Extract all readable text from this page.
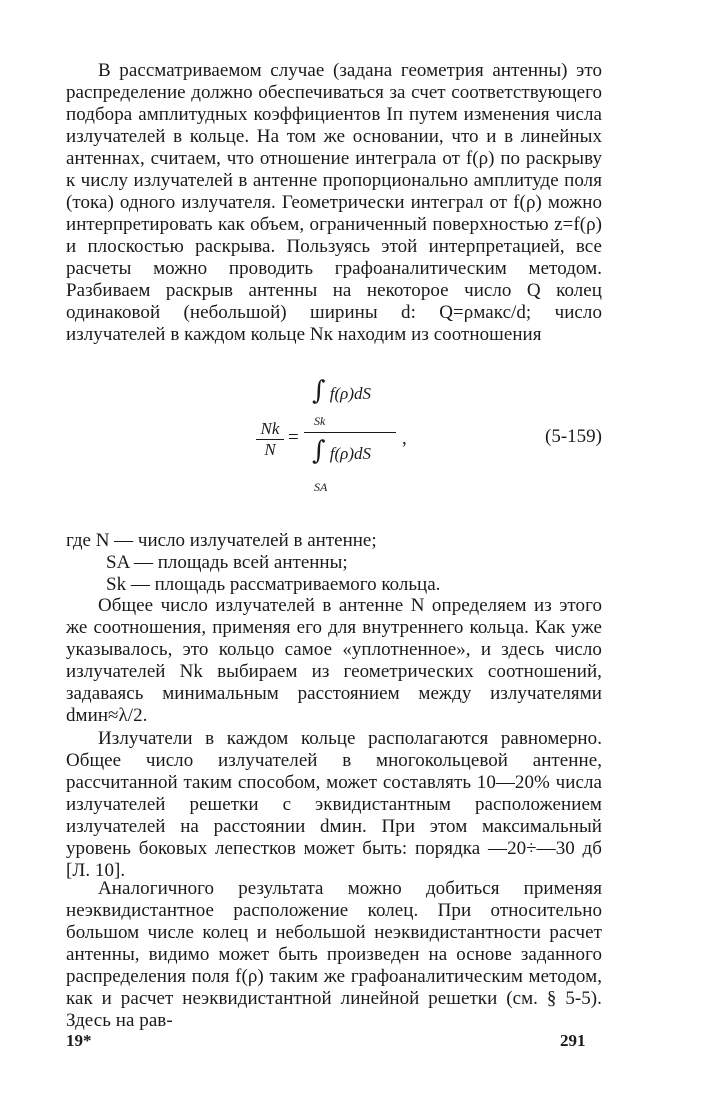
В рассматриваемом случае (задана геометрия антенны) это распределение должно обеспечиваться за счет соответствующего подбора амплитудных коэффициентов Iп путем изменения числа излучателей в кольце. На том же основании, что и в линейных антеннах, считаем, что отношение интеграла от f(ρ) по раскрыву к числу излучателей в антенне пропорционально амплитуде поля (тока) одного излучателя. Геометрически интеграл от f(ρ) можно интерпретировать как объем, ограниченный поверхностью z=f(ρ) и плоскостью раскрыва. Пользуясь этой интерпретацией, все расчеты можно проводить графоаналитическим методом. Разбиваем раскрыв антенны на некоторое число Q колец одинаковой (небольшой) ширины d: Q=ρмакс/d; число излучателей в каждом кольце Nк находим из соотношения

Nk
N
=
∫ f(ρ)dS
Sk
∫ f(ρ)dS
SA
,	(5-159)

где N — число излучателей в антенне;

SA — площадь всей антенны;

Sk — площадь рассматриваемого кольца.

Общее число излучателей в антенне N определяем из этого же соотношения, применяя его для внутреннего кольца. Как уже указывалось, это кольцо самое «уплотненное», и здесь число излучателей Nk выбираем из геометрических соотношений, задаваясь минимальным расстоянием между излучателями dмин≈λ/2.

Излучатели в каждом кольце располагаются равномерно. Общее число излучателей в многокольцевой антенне, рассчитанной таким способом, может составлять 10—20% числа излучателей решетки с эквидистантным расположением излучателей на расстоянии dмин. При этом максимальный уровень боковых лепестков может быть: порядка —20÷—30 дб [Л. 10].

Аналогичного результата можно добиться применяя неэквидистантное расположение колец. При относительно большом числе колец и небольшой неэквидистантности расчет антенны, видимо может быть произведен на основе заданного распределения поля f(ρ) таким же графоаналитическим методом, как и расчет неэквидистантной линейной решетки (см. § 5-5). Здесь на рав-

19*	291
